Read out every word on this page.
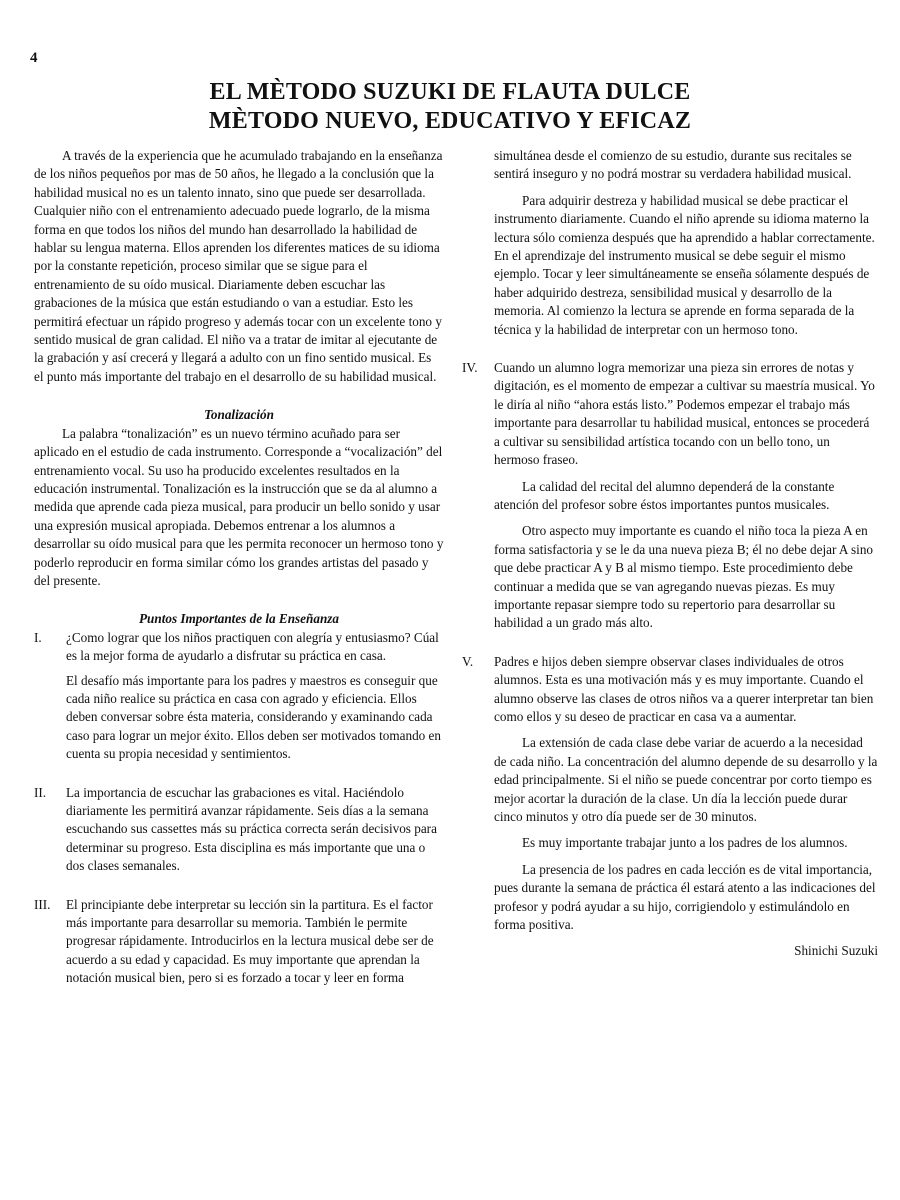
4
EL MÈTODO SUZUKI DE FLAUTA DULCE
MÈTODO NUEVO, EDUCATIVO Y EFICAZ

A través de la experiencia que he acumulado trabajando en la enseñanza de los niños pequeños por mas de 50 años, he llegado a la conclusión que la habilidad musical no es un talento innato, sino que puede ser desarrollada. Cualquier niño con el entrenamiento adecuado puede lograrlo, de la misma forma en que todos los niños del mundo han desarrollado la habilidad de hablar su lengua materna. Ellos aprenden los diferentes matices de su idioma por la constante repetición, proceso similar que se sigue para el entrenamiento de su oído musical. Diariamente deben escuchar las grabaciones de la música que están estudiando o van a estudiar. Esto les permitirá efectuar un rápido progreso y además tocar con un excelente tono y sentido musical de gran calidad. El niño va a tratar de imitar al ejecutante de la grabación y así crecerá y llegará a adulto con un fino sentido musical. Es el punto más importante del trabajo en el desarrollo de su habilidad musical.

Tonalización

La palabra “tonalización” es un nuevo término acuñado para ser aplicado en el estudio de cada instrumento. Corresponde a “vocalización” del entrenamiento vocal. Su uso ha producido excelentes resultados en la educación instrumental. Tonalización es la instrucción que se da al alumno a medida que aprende cada pieza musical, para producir un bello sonido y usar una expresión musical apropiada. Debemos entrenar a los alumnos a desarrollar su oído musical para que les permita reconocer un hermoso tono y poderlo reproducir en forma similar cómo los grandes artistas del pasado y del presente.

Puntos Importantes de la Enseñanza

I. ¿Como lograr que los niños practiquen con alegría y entusiasmo? Cúal es la mejor forma de ayudarlo a disfrutar su práctica en casa.

El desafío más importante para los padres y maestros es conseguir que cada niño realice su práctica en casa con agrado y eficiencia. Ellos deben conversar sobre ésta materia, considerando y examinando cada caso para lograr un mejor éxito. Ellos deben ser motivados tomando en cuenta su propia necesidad y sentimientos.

II. La importancia de escuchar las grabaciones es vital. Haciéndolo diariamente les permitirá avanzar rápidamente. Seis días a la semana escuchando sus cassettes más su práctica correcta serán decisivos para determinar su progreso. Esta disciplina es más importante que una o dos clases semanales.

III. El principiante debe interpretar su lección sin la partitura. Es el factor más importante para desarrollar su memoria. También le permite progresar rápidamente. Introducirlos en la lectura musical debe ser de acuerdo a su edad y capacidad. Es muy importante que aprendan la notación musical bien, pero si es forzado a tocar y leer en forma

simultánea desde el comienzo de su estudio, durante sus recitales se sentirá inseguro y no podrá mostrar su verdadera habilidad musical.

Para adquirir destreza y habilidad musical se debe practicar el instrumento diariamente. Cuando el niño aprende su idioma materno la lectura sólo comienza después que ha aprendido a hablar correctamente. En el aprendizaje del instrumento musical se debe seguir el mismo ejemplo. Tocar y leer simultáneamente se enseña sólamente después de haber adquirido destreza, sensibilidad musical y desarrollo de la memoria. Al comienzo la lectura se aprende en forma separada de la técnica y la habilidad de interpretar con un hermoso tono.

IV. Cuando un alumno logra memorizar una pieza sin errores de notas y digitación, es el momento de empezar a cultivar su maestría musical. Yo le diría al niño “ahora estás listo.” Podemos empezar el trabajo más importante para desarrollar tu habilidad musical, entonces se procederá a cultivar su sensibilidad artística tocando con un bello tono, un hermoso fraseo.

La calidad del recital del alumno dependerá de la constante atención del profesor sobre éstos importantes puntos musicales.

Otro aspecto muy importante es cuando el niño toca la pieza A en forma satisfactoria y se le da una nueva pieza B; él no debe dejar A sino que debe practicar A y B al mismo tiempo. Este procedimiento debe continuar a medida que se van agregando nuevas piezas. Es muy importante repasar siempre todo su repertorio para desarrollar su habilidad a un grado más alto.

V. Padres e hijos deben siempre observar clases individuales de otros alumnos. Esta es una motivación más y es muy importante. Cuando el alumno observe las clases de otros niños va a querer interpretar tan bien como ellos y su deseo de practicar en casa va a aumentar.

La extensión de cada clase debe variar de acuerdo a la necesidad de cada niño. La concentración del alumno depende de su desarrollo y la edad principalmente. Si el niño se puede concentrar por corto tiempo es mejor acortar la duración de la clase. Un día la lección puede durar cinco minutos y otro día puede ser de 30 minutos.

Es muy importante trabajar junto a los padres de los alumnos.

La presencia de los padres en cada lección es de vital importancia, pues durante la semana de práctica él estará atento a las indicaciones del profesor y podrá ayudar a su hijo, corrigiendolo y estimulándolo en forma positiva.

Shinichi Suzuki
